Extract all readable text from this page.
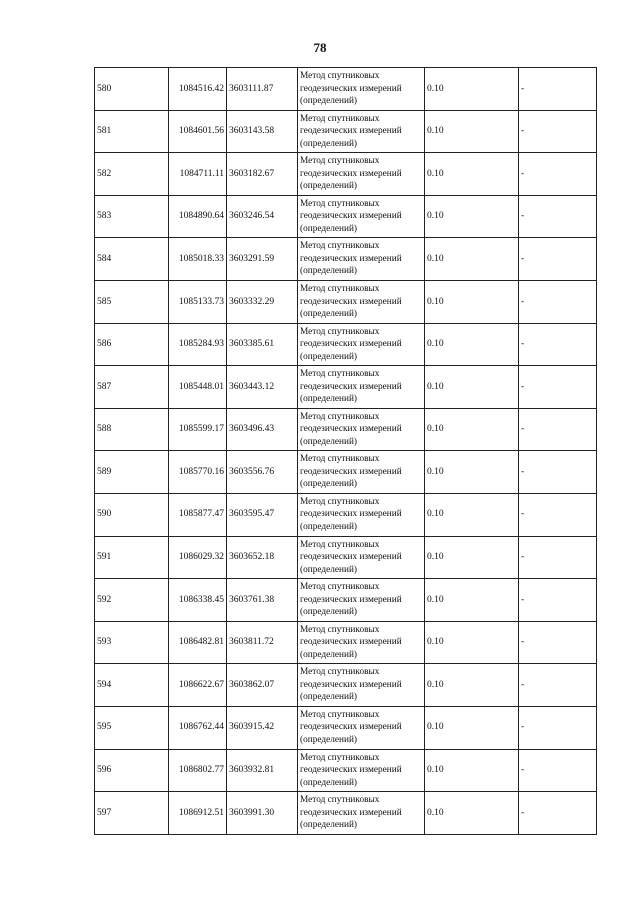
78
580	1084516.42	3603111.87	Метод спутниковых
геодезических измерений
(определений)	0.10	-
581	1084601.56	3603143.58	Метод спутниковых
геодезических измерений
(определений)	0.10	-
582	1084711.11	3603182.67	Метод спутниковых
геодезических измерений
(определений)	0.10	-
583	1084890.64	3603246.54	Метод спутниковых
геодезических измерений
(определений)	0.10	-
584	1085018.33	3603291.59	Метод спутниковых
геодезических измерений
(определений)	0.10	-
585	1085133.73	3603332.29	Метод спутниковых
геодезических измерений
(определений)	0.10	-
586	1085284.93	3603385.61	Метод спутниковых
геодезических измерений
(определений)	0.10	-
587	1085448.01	3603443.12	Метод спутниковых
геодезических измерений
(определений)	0.10	-
588	1085599.17	3603496.43	Метод спутниковых
геодезических измерений
(определений)	0.10	-
589	1085770.16	3603556.76	Метод спутниковых
геодезических измерений
(определений)	0.10	-
590	1085877.47	3603595.47	Метод спутниковых
геодезических измерений
(определений)	0.10	-
591	1086029.32	3603652.18	Метод спутниковых
геодезических измерений
(определений)	0.10	-
592	1086338.45	3603761.38	Метод спутниковых
геодезических измерений
(определений)	0.10	-
593	1086482.81	3603811.72	Метод спутниковых
геодезических измерений
(определений)	0.10	-
594	1086622.67	3603862.07	Метод спутниковых
геодезических измерений
(определений)	0.10	-
595	1086762.44	3603915.42	Метод спутниковых
геодезических измерений
(определений)	0.10	-
596	1086802.77	3603932.81	Метод спутниковых
геодезических измерений
(определений)	0.10	-
597	1086912.51	3603991.30	Метод спутниковых
геодезических измерений
(определений)	0.10	-
